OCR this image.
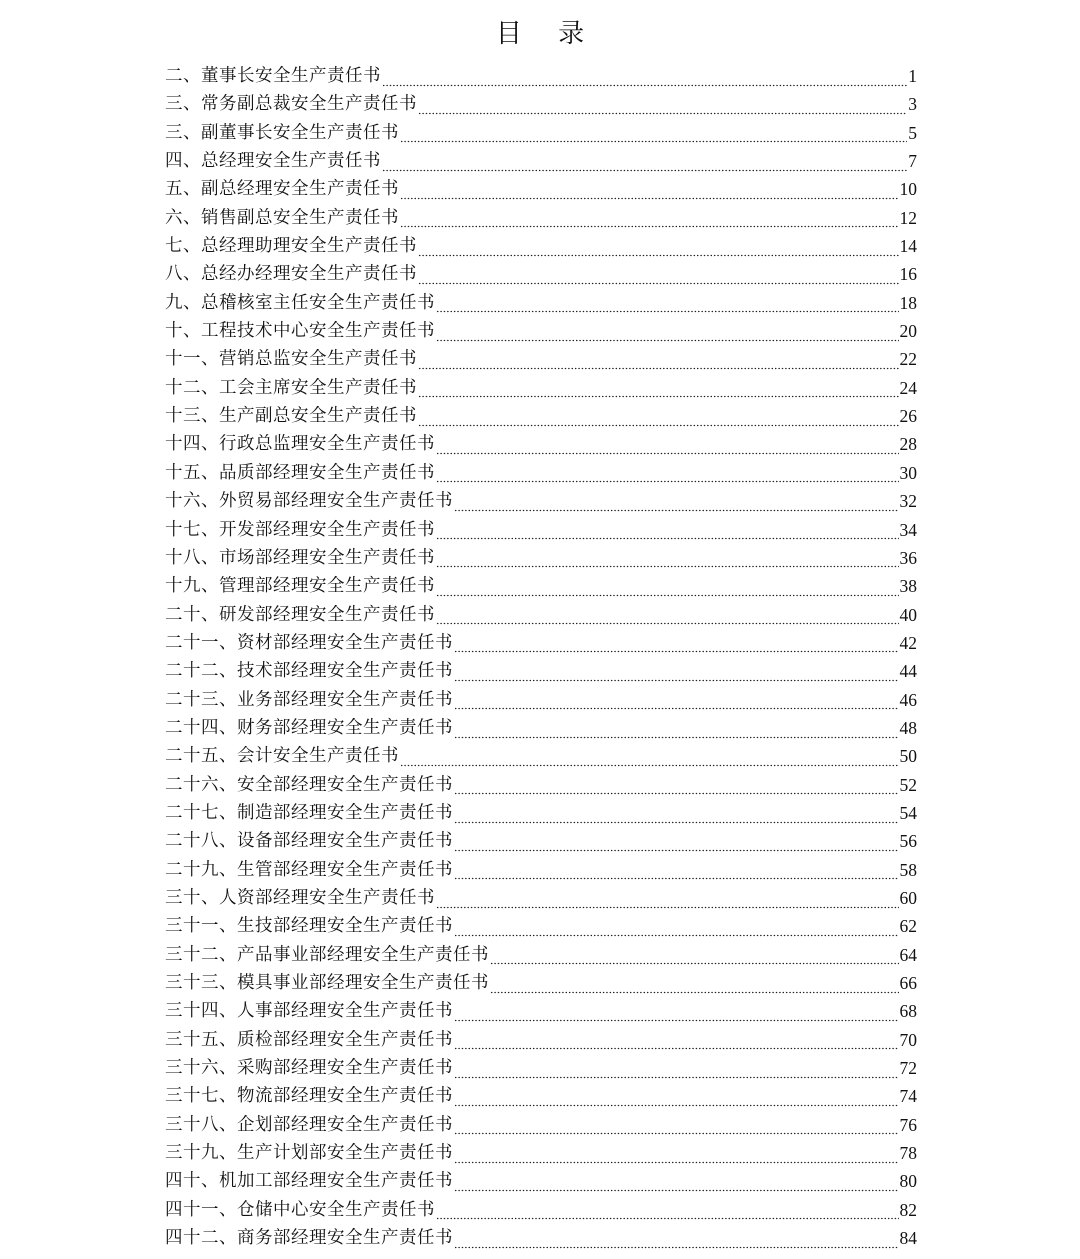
目 录
二、董事长安全生产责任书	1
三、常务副总裁安全生产责任书	3
三、副董事长安全生产责任书	5
四、总经理安全生产责任书	7
五、副总经理安全生产责任书	10
六、销售副总安全生产责任书	12
七、总经理助理安全生产责任书	14
八、总经办经理安全生产责任书	16
九、总稽核室主任安全生产责任书	18
十、工程技术中心安全生产责任书	20
十一、营销总监安全生产责任书	22
十二、工会主席安全生产责任书	24
十三、生产副总安全生产责任书	26
十四、行政总监理安全生产责任书	28
十五、品质部经理安全生产责任书	30
十六、外贸易部经理安全生产责任书	32
十七、开发部经理安全生产责任书	34
十八、市场部经理安全生产责任书	36
十九、管理部经理安全生产责任书	38
二十、研发部经理安全生产责任书	40
二十一、资材部经理安全生产责任书	42
二十二、技术部经理安全生产责任书	44
二十三、业务部经理安全生产责任书	46
二十四、财务部经理安全生产责任书	48
二十五、会计安全生产责任书	50
二十六、安全部经理安全生产责任书	52
二十七、制造部经理安全生产责任书	54
二十八、设备部经理安全生产责任书	56
二十九、生管部经理安全生产责任书	58
三十、人资部经理安全生产责任书	60
三十一、生技部经理安全生产责任书	62
三十二、产品事业部经理安全生产责任书	64
三十三、模具事业部经理安全生产责任书	66
三十四、人事部经理安全生产责任书	68
三十五、质检部经理安全生产责任书	70
三十六、采购部经理安全生产责任书	72
三十七、物流部经理安全生产责任书	74
三十八、企划部经理安全生产责任书	76
三十九、生产计划部安全生产责任书	78
四十、机加工部经理安全生产责任书	80
四十一、仓储中心安全生产责任书	82
四十二、商务部经理安全生产责任书	84
